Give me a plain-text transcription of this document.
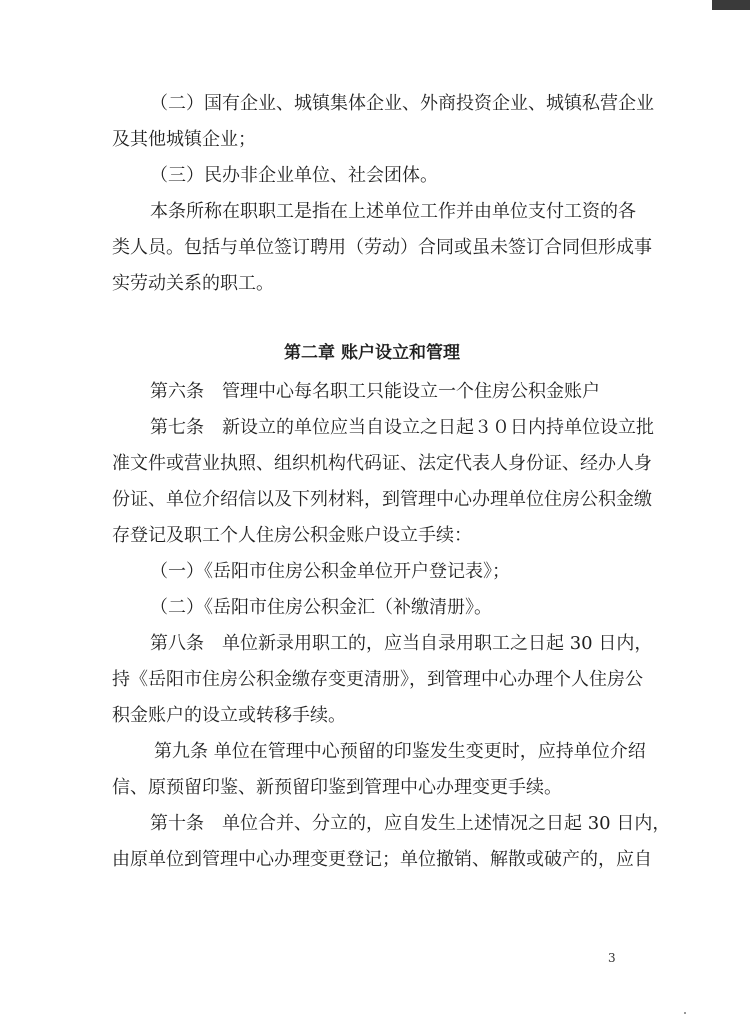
（二）国有企业、城镇集体企业、外商投资企业、城镇私营企业
及其他城镇企业；

（三）民办非企业单位、社会团体。

本条所称在职职工是指在上述单位工作并由单位支付工资的各
类人员。包括与单位签订聘用（劳动）合同或虽未签订合同但形成事
实劳动关系的职工。

第二章 账户设立和管理

第六条　管理中心每名职工只能设立一个住房公积金账户

第七条　新设立的单位应当自设立之日起３０日内持单位设立批
准文件或营业执照、组织机构代码证、法定代表人身份证、经办人身
份证、单位介绍信以及下列材料，到管理中心办理单位住房公积金缴
存登记及职工个人住房公积金账户设立手续：

（一）《岳阳市住房公积金单位开户登记表》；

（二）《岳阳市住房公积金汇（补缴清册》。

第八条　单位新录用职工的，应当自录用职工之日起 30 日内，
持《岳阳市住房公积金缴存变更清册》，到管理中心办理个人住房公
积金账户的设立或转移手续。

第九条 单位在管理中心预留的印鉴发生变更时，应持单位介绍
信、原预留印鉴、新预留印鉴到管理中心办理变更手续。

第十条　单位合并、分立的，应自发生上述情况之日起 30 日内，
由原单位到管理中心办理变更登记；单位撤销、解散或破产的，应自

3
